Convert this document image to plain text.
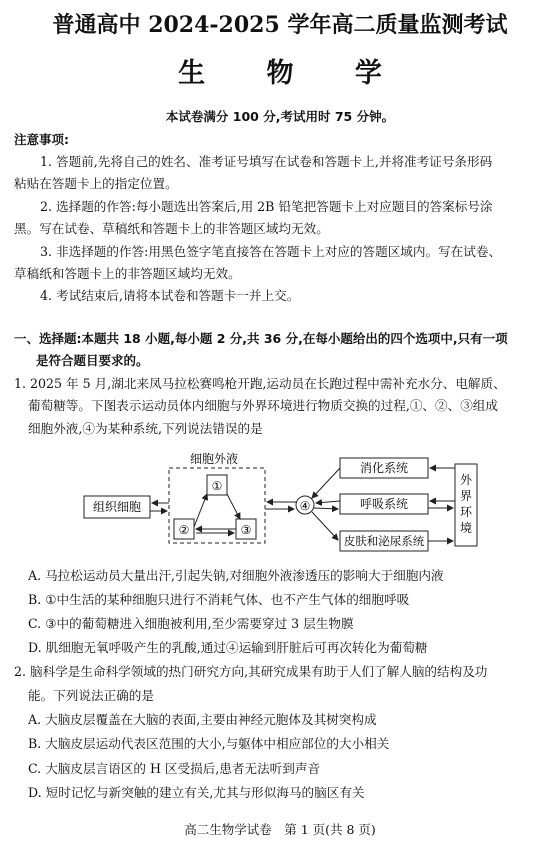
普通高中 2024-2025 学年高二质量监测考试
生 物 学
本试卷满分 100 分,考试用时 75 分钟。
注意事项:
1. 答题前,先将自己的姓名、准考证号填写在试卷和答题卡上,并将准考证号条形码
粘贴在答题卡上的指定位置。
2. 选择题的作答:每小题选出答案后,用 2B 铅笔把答题卡上对应题目的答案标号涂
黑。写在试卷、草稿纸和答题卡上的非答题区域均无效。
3. 非选择题的作答:用黑色签字笔直接答在答题卡上对应的答题区域内。写在试卷、
草稿纸和答题卡上的非答题区域均无效。
4. 考试结束后,请将本试卷和答题卡一并上交。
一、选择题:本题共 18 小题,每小题 2 分,共 36 分,在每小题给出的四个选项中,只有一项
是符合题目要求的。
1. 2025 年 5 月,湖北来凤马拉松赛鸣枪开跑,运动员在长跑过程中需补充水分、电解质、
葡萄糖等。下图表示运动员体内细胞与外界环境进行物质交换的过程,①、②、③组成
细胞外液,④为某种系统,下列说法错误的是
细胞外液
①
②	③
组织细胞	④
消化系统
呼吸系统
皮肤和泌尿系统
外
界
环
境
A. 马拉松运动员大量出汗,引起失钠,对细胞外液渗透压的影响大于细胞内液
B. ①中生活的某种细胞只进行不消耗气体、也不产生气体的细胞呼吸
C. ③中的葡萄糖进入细胞被利用,至少需要穿过 3 层生物膜
D. 肌细胞无氧呼吸产生的乳酸,通过④运输到肝脏后可再次转化为葡萄糖
2. 脑科学是生命科学领域的热门研究方向,其研究成果有助于人们了解人脑的结构及功
能。下列说法正确的是
A. 大脑皮层覆盖在大脑的表面,主要由神经元胞体及其树突构成
B. 大脑皮层运动代表区范围的大小,与躯体中相应部位的大小相关
C. 大脑皮层言语区的 H 区受损后,患者无法听到声音
D. 短时记忆与新突触的建立有关,尤其与形似海马的脑区有关
高二生物学试卷　第 1 页(共 8 页)
